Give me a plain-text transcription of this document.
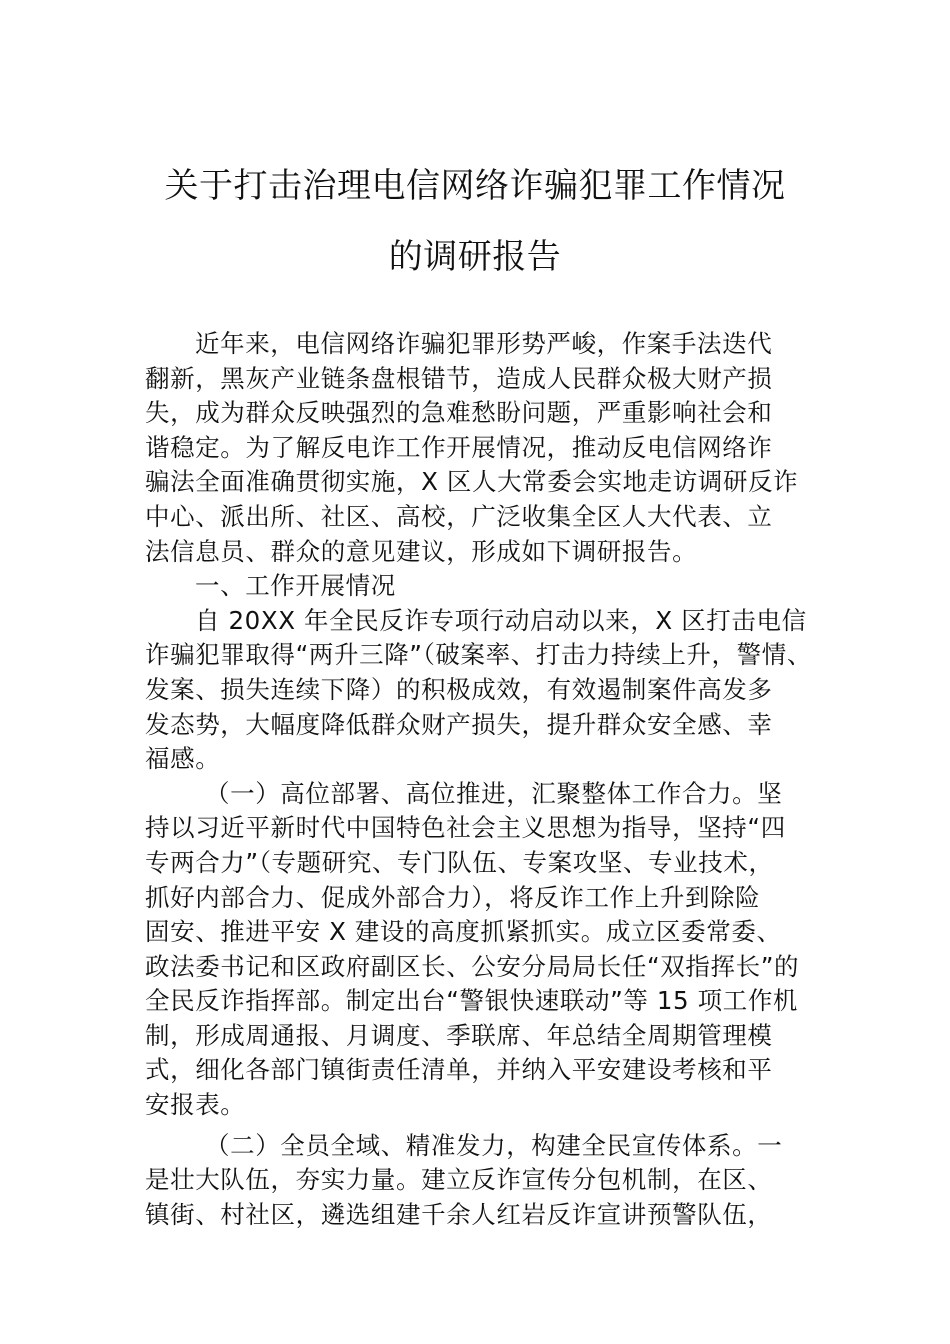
关于打击治理电信网络诈骗犯罪工作情况
的调研报告
近年来，电信网络诈骗犯罪形势严峻，作案手法迭代
翻新，黑灰产业链条盘根错节，造成人民群众极大财产损
失，成为群众反映强烈的急难愁盼问题，严重影响社会和
谐稳定。为了解反电诈工作开展情况，推动反电信网络诈
骗法全面准确贯彻实施，X 区人大常委会实地走访调研反诈
中心、派出所、社区、高校，广泛收集全区人大代表、立
法信息员、群众的意见建议，形成如下调研报告。
一、工作开展情况
自 20XX 年全民反诈专项行动启动以来，X 区打击电信
诈骗犯罪取得“两升三降”（破案率、打击力持续上升，警情、
发案、损失连续下降）的积极成效，有效遏制案件高发多
发态势，大幅度降低群众财产损失，提升群众安全感、幸
福感。
（一）高位部署、高位推进，汇聚整体工作合力。坚
持以习近平新时代中国特色社会主义思想为指导，坚持“四
专两合力”（专题研究、专门队伍、专案攻坚、专业技术，
抓好内部合力、促成外部合力），将反诈工作上升到除险
固安、推进平安 X 建设的高度抓紧抓实。成立区委常委、
政法委书记和区政府副区长、公安分局局长任“双指挥长”的
全民反诈指挥部。制定出台“警银快速联动”等 15 项工作机
制，形成周通报、月调度、季联席、年总结全周期管理模
式，细化各部门镇街责任清单，并纳入平安建设考核和平
安报表。
（二）全员全域、精准发力，构建全民宣传体系。一
是壮大队伍，夯实力量。建立反诈宣传分包机制，在区、
镇街、村社区，遴选组建千余人红岩反诈宣讲预警队伍，
